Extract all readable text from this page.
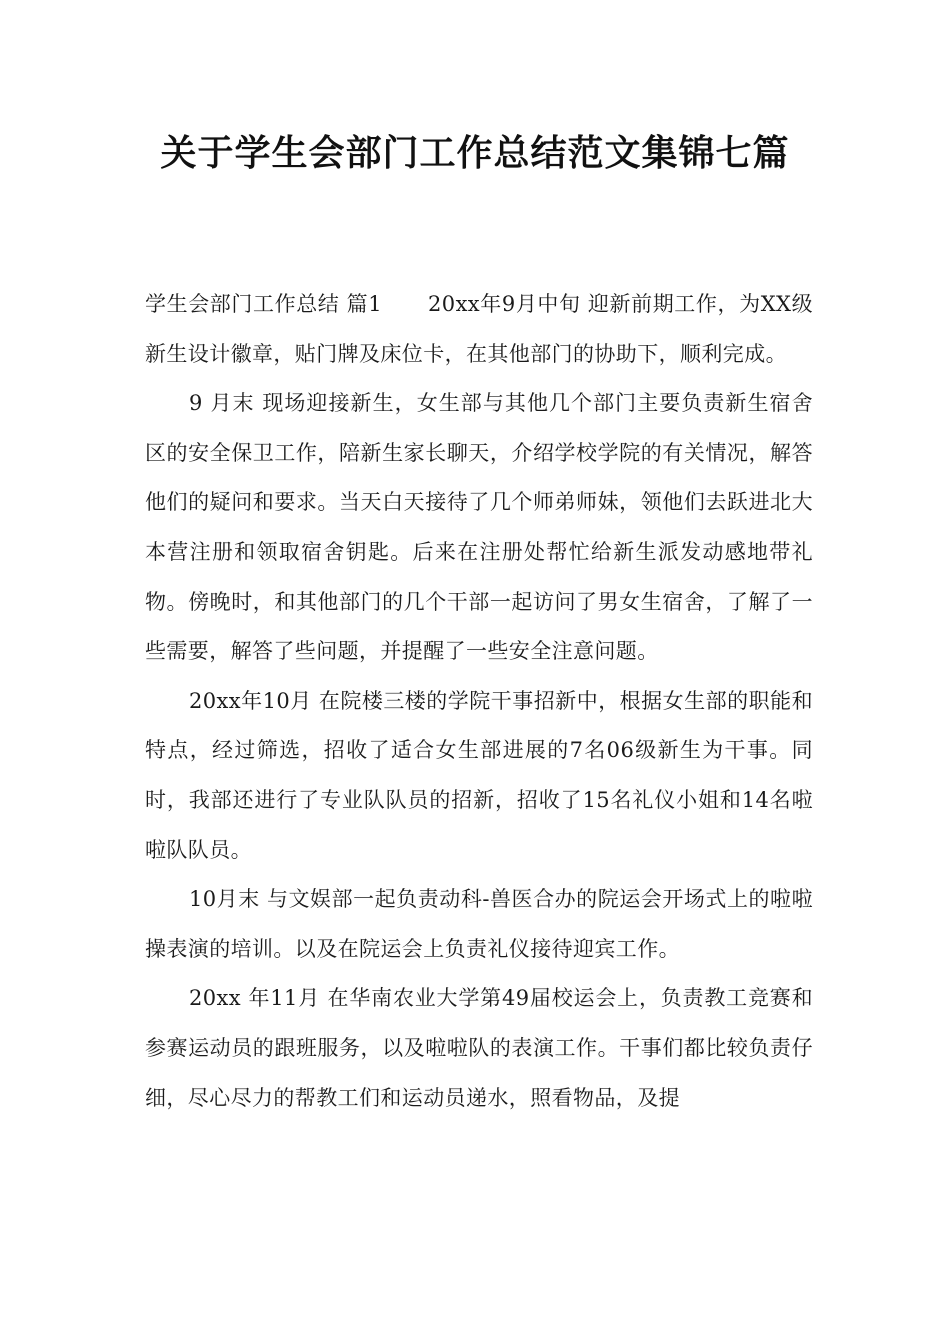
关于学生会部门工作总结范文集锦七篇

学生会部门工作总结 篇1 20xx年9月中旬 迎新前期工作，为XX级新生设计徽章，贴门牌及床位卡，在其他部门的协助下，顺利完成。

9 月末 现场迎接新生，女生部与其他几个部门主要负责新生宿舍区的安全保卫工作，陪新生家长聊天，介绍学校学院的有关情况，解答他们的疑问和要求。当天白天接待了几个师弟师妹，领他们去跃进北大本营注册和领取宿舍钥匙。后来在注册处帮忙给新生派发动感地带礼物。傍晚时，和其他部门的几个干部一起访问了男女生宿舍，了解了一些需要，解答了些问题，并提醒了一些安全注意问题。

20xx年10月 在院楼三楼的学院干事招新中，根据女生部的职能和特点，经过筛选，招收了适合女生部进展的7名06级新生为干事。同时，我部还进行了专业队队员的招新，招收了15名礼仪小姐和14名啦啦队队员。

10月末 与文娱部一起负责动科-兽医合办的院运会开场式上的啦啦操表演的培训。以及在院运会上负责礼仪接待迎宾工作。

20xx 年11月 在华南农业大学第49届校运会上，负责教工竞赛和参赛运动员的跟班服务，以及啦啦队的表演工作。干事们都比较负责仔细，尽心尽力的帮教工们和运动员递水，照看物品，及提
